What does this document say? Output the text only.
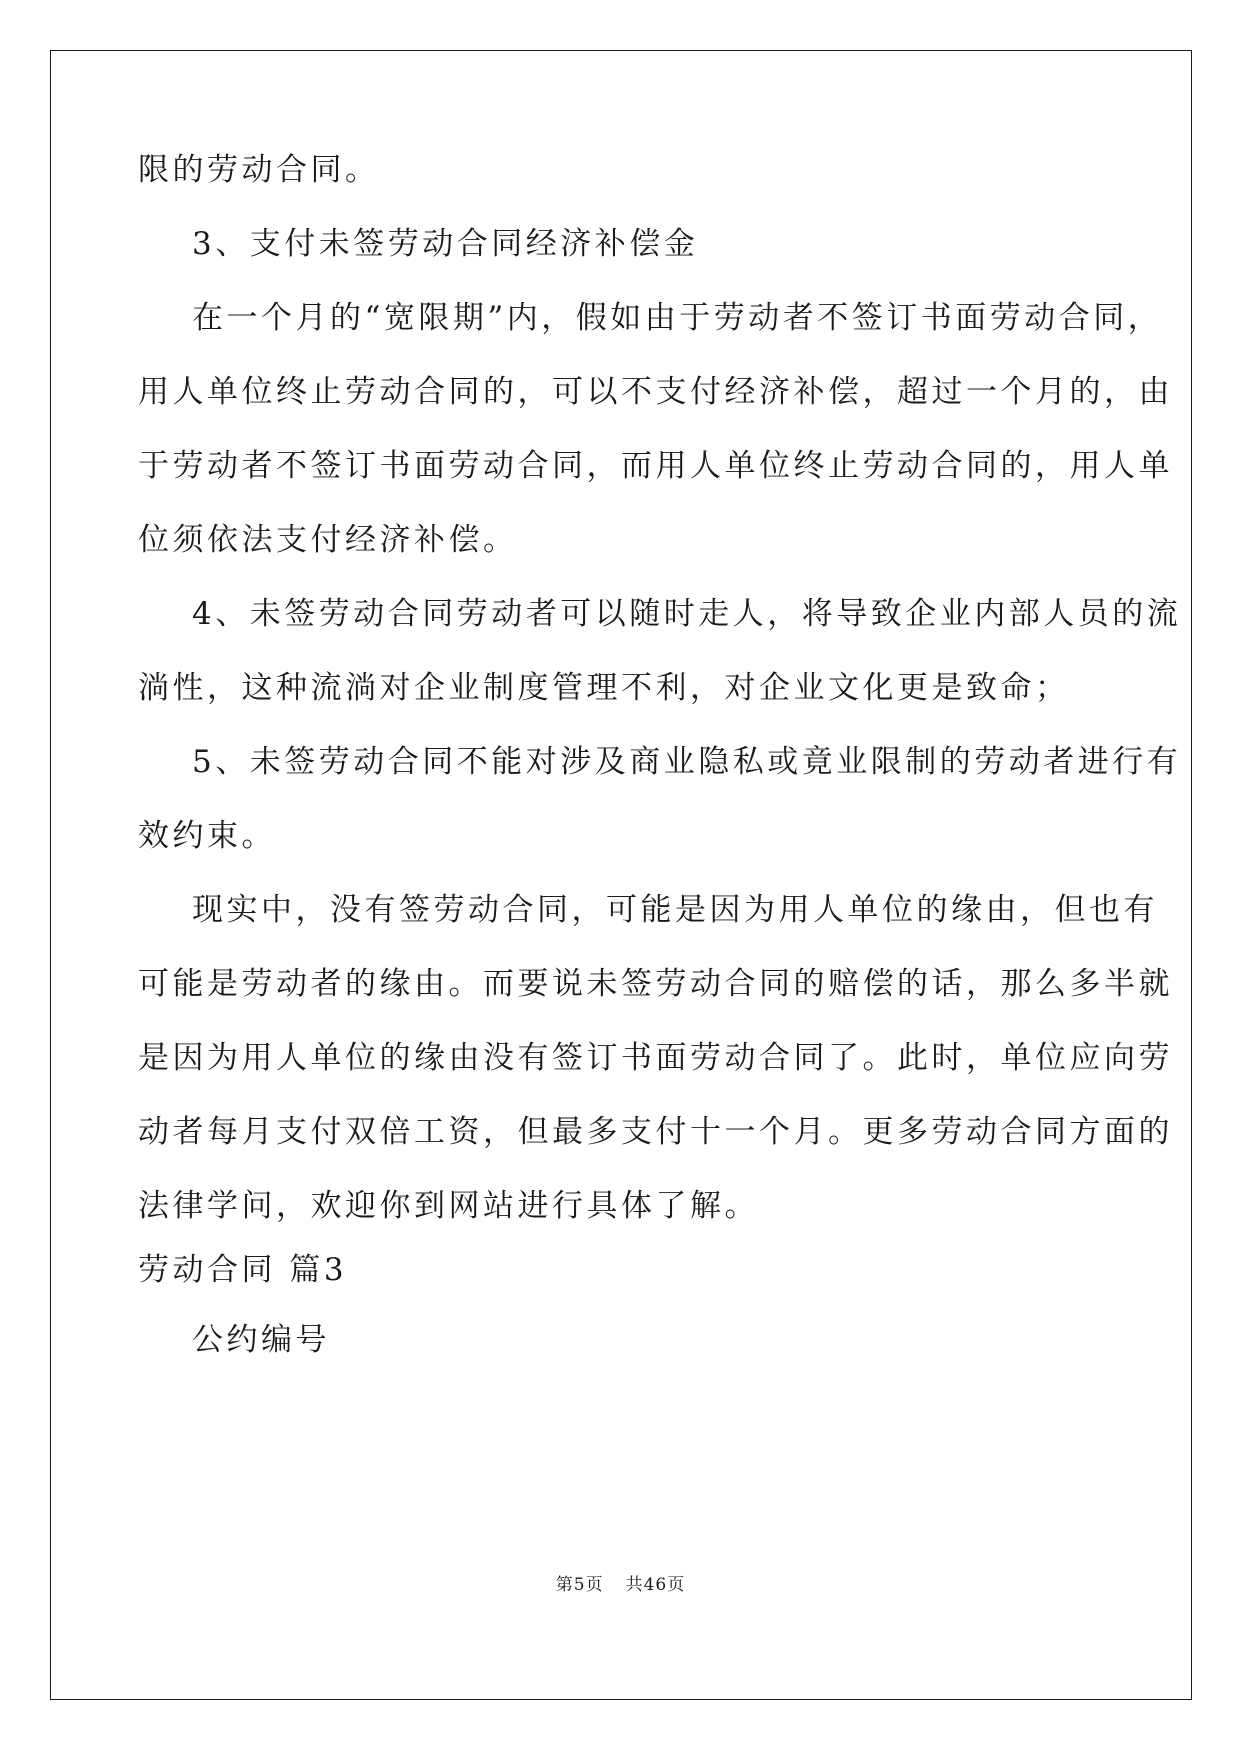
限的劳动合同。
3、支付未签劳动合同经济补偿金
在一个月的“宽限期”内，假如由于劳动者不签订书面劳动合同，
用人单位终止劳动合同的，可以不支付经济补偿，超过一个月的，由
于劳动者不签订书面劳动合同，而用人单位终止劳动合同的，用人单
位须依法支付经济补偿。
4、未签劳动合同劳动者可以随时走人，将导致企业内部人员的流
淌性，这种流淌对企业制度管理不利，对企业文化更是致命；
5、未签劳动合同不能对涉及商业隐私或竟业限制的劳动者进行有
效约束。
现实中，没有签劳动合同，可能是因为用人单位的缘由，但也有
可能是劳动者的缘由。而要说未签劳动合同的赔偿的话，那么多半就
是因为用人单位的缘由没有签订书面劳动合同了。此时，单位应向劳
动者每月支付双倍工资，但最多支付十一个月。更多劳动合同方面的
法律学问，欢迎你到网站进行具体了解。
劳动合同 篇3
公约编号
第5页 共46页
